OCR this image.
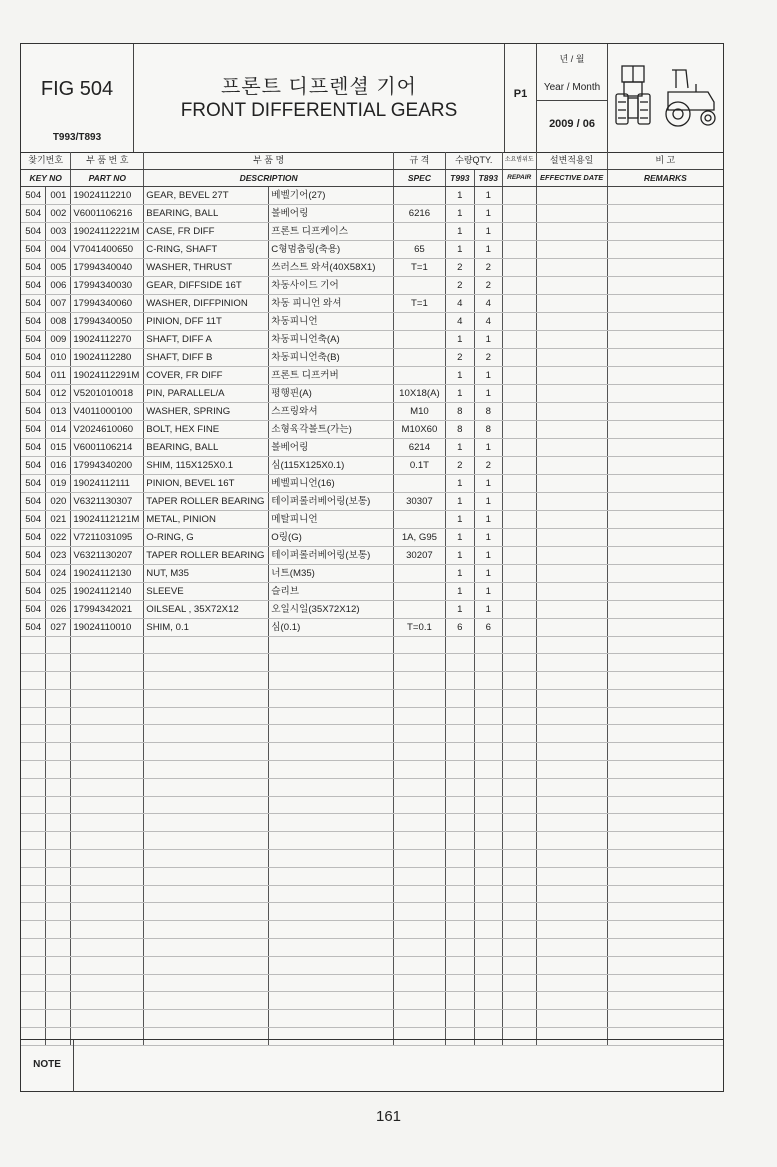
FIG 504
T993/T893
프론트 디프렌셜 기어
FRONT DIFFERENTIAL GEARS
P1
년 / 월
Year / Month
2009 / 06
찾기번호		부 품 번 호	부 품 명		규 격	수량QTY.		소요범위도	설변적용일	비 고
KEY NO		PART NO	DESCRIPTION		SPEC	T993	T893	REPAIR	EFFECTIVE DATE	REMARKS
504	001	19024112210	GEAR, BEVEL 27T	베벨기어(27)		1	1			
504	002	V6001106216	BEARING, BALL	볼베어링	6216	1	1			
504	003	19024112221M	CASE, FR DIFF	프론트 디프케이스		1	1			
504	004	V7041400650	C-RING, SHAFT	C형멈춤링(축용)	65	1	1			
504	005	17994340040	WASHER, THRUST	쓰러스트 와셔(40X58X1)	T=1	2	2			
504	006	17994340030	GEAR, DIFFSIDE 16T	차동사이드 기어		2	2			
504	007	17994340060	WASHER, DIFFPINION	차동 피니언 와셔	T=1	4	4			
504	008	17994340050	PINION, DFF 11T	차동피니언		4	4			
504	009	19024112270	SHAFT, DIFF A	차동피니언축(A)		1	1			
504	010	19024112280	SHAFT, DIFF B	차동피니언축(B)		2	2			
504	011	19024112291M	COVER, FR DIFF	프론트 디프커버		1	1			
504	012	V5201010018	PIN, PARALLEL/A	평행핀(A)	10X18(A)	1	1			
504	013	V4011000100	WASHER, SPRING	스프링와셔	M10	8	8			
504	014	V2024610060	BOLT, HEX FINE	소형육각볼트(가는)	M10X60	8	8			
504	015	V6001106214	BEARING, BALL	볼베어링	6214	1	1			
504	016	17994340200	SHIM, 115X125X0.1	심(115X125X0.1)	0.1T	2	2			
504	019	19024112111	PINION, BEVEL 16T	베벨피니언(16)		1	1			
504	020	V6321130307	TAPER ROLLER BEARING	테이퍼롤러베어링(보통)	30307	1	1			
504	021	19024112121M	METAL, PINION	메탈피니언		1	1			
504	022	V7211031095	O-RING, G	O링(G)	1A, G95	1	1			
504	023	V6321130207	TAPER ROLLER BEARING	테이퍼롤러베어링(보통)	30207	1	1			
504	024	19024112130	NUT, M35	너트(M35)		1	1			
504	025	19024112140	SLEEVE	슬리브		1	1			
504	026	17994342021	OILSEAL , 35X72X12	오일시일(35X72X12)		1	1			
504	027	19024110010	SHIM, 0.1	심(0.1)	T=0.1	6	6			

NOTE
161
